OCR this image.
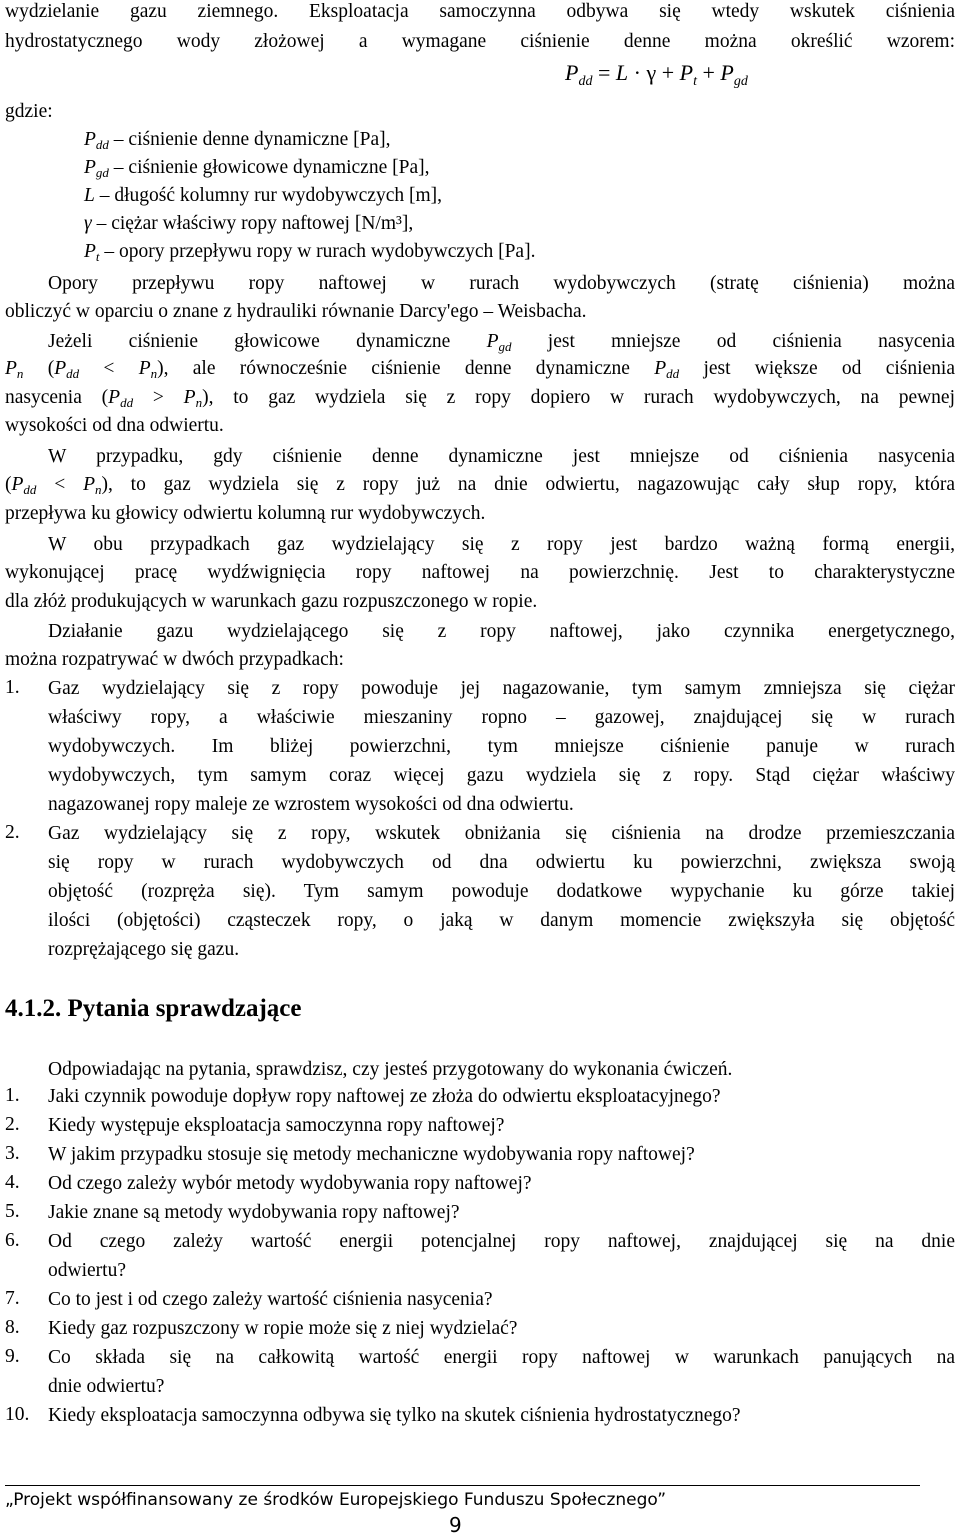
wydzielanie gazu ziemnego. Eksploatacja samoczynna odbywa się wtedy wskutek ciśnienia
hydrostatycznego wody złożowej a wymagane ciśnienie denne można określić wzorem:
$P_{dd} = L \cdot \gamma + P_t + P_{gd}$
gdzie:
$P_{dd}$ – ciśnienie denne dynamiczne [Pa],
$P_{gd}$ – ciśnienie głowicowe dynamiczne [Pa],
L – długość kolumny rur wydobywczych [m],
γ – ciężar właściwy ropy naftowej [N/m³],
$P_t$ – opory przepływu ropy w rurach wydobywczych [Pa].
Opory przepływu ropy naftowej w rurach wydobywczych (stratę ciśnienia) można
obliczyć w oparciu o znane z hydrauliki równanie Darcy'ego – Weisbacha.
Jeżeli ciśnienie głowicowe dynamiczne $P_{gd}$ jest mniejsze od ciśnienia nasycenia
$P_n$ $(P_{dd} < P_n)$, ale równocześnie ciśnienie denne dynamiczne $P_{dd}$ jest większe od ciśnienia
nasycenia $(P_{dd} > P_n)$, to gaz wydziela się z ropy dopiero w rurach wydobywczych, na pewnej
wysokości od dna odwiertu.
W przypadku, gdy ciśnienie denne dynamiczne jest mniejsze od ciśnienia nasycenia
$(P_{dd} < P_n)$, to gaz wydziela się z ropy już na dnie odwiertu, nagazowując cały słup ropy, która
przepływa ku głowicy odwiertu kolumną rur wydobywczych.
W obu przypadkach gaz wydzielający się z ropy jest bardzo ważną formą energii,
wykonującej pracę wydźwignięcia ropy naftowej na powierzchnię. Jest to charakterystyczne
dla złóż produkujących w warunkach gazu rozpuszczonego w ropie.
Działanie gazu wydzielającego się z ropy naftowej, jako czynnika energetycznego,
można rozpatrywać w dwóch przypadkach:
1. Gaz wydzielający się z ropy powoduje jej nagazowanie, tym samym zmniejsza się ciężar
właściwy ropy, a właściwie mieszaniny ropno – gazowej, znajdującej się w rurach
wydobywczych. Im bliżej powierzchni, tym mniejsze ciśnienie panuje w rurach
wydobywczych, tym samym coraz więcej gazu wydziela się z ropy. Stąd ciężar właściwy
nagazowanej ropy maleje ze wzrostem wysokości od dna odwiertu.
2. Gaz wydzielający się z ropy, wskutek obniżania się ciśnienia na drodze przemieszczania
się ropy w rurach wydobywczych od dna odwiertu ku powierzchni, zwiększa swoją
objętość (rozpręża się). Tym samym powoduje dodatkowe wypychanie ku górze takiej
ilości (objętości) cząsteczek ropy, o jaką w danym momencie zwiększyła się objętość
rozprężającego się gazu.
4.1.2. Pytania sprawdzające
Odpowiadając na pytania, sprawdzisz, czy jesteś przygotowany do wykonania ćwiczeń.
1. Jaki czynnik powoduje dopływ ropy naftowej ze złoża do odwiertu eksploatacyjnego?
2. Kiedy występuje eksploatacja samoczynna ropy naftowej?
3. W jakim przypadku stosuje się metody mechaniczne wydobywania ropy naftowej?
4. Od czego zależy wybór metody wydobywania ropy naftowej?
5. Jakie znane są metody wydobywania ropy naftowej?
6. Od czego zależy wartość energii potencjalnej ropy naftowej, znajdującej się na dnie
odwiertu?
7. Co to jest i od czego zależy wartość ciśnienia nasycenia?
8. Kiedy gaz rozpuszczony w ropie może się z niej wydzielać?
9. Co składa się na całkowitą wartość energii ropy naftowej w warunkach panujących na
dnie odwiertu?
10. Kiedy eksploatacja samoczynna odbywa się tylko na skutek ciśnienia hydrostatycznego?
„Projekt współfinansowany ze środków Europejskiego Funduszu Społecznego”
9
